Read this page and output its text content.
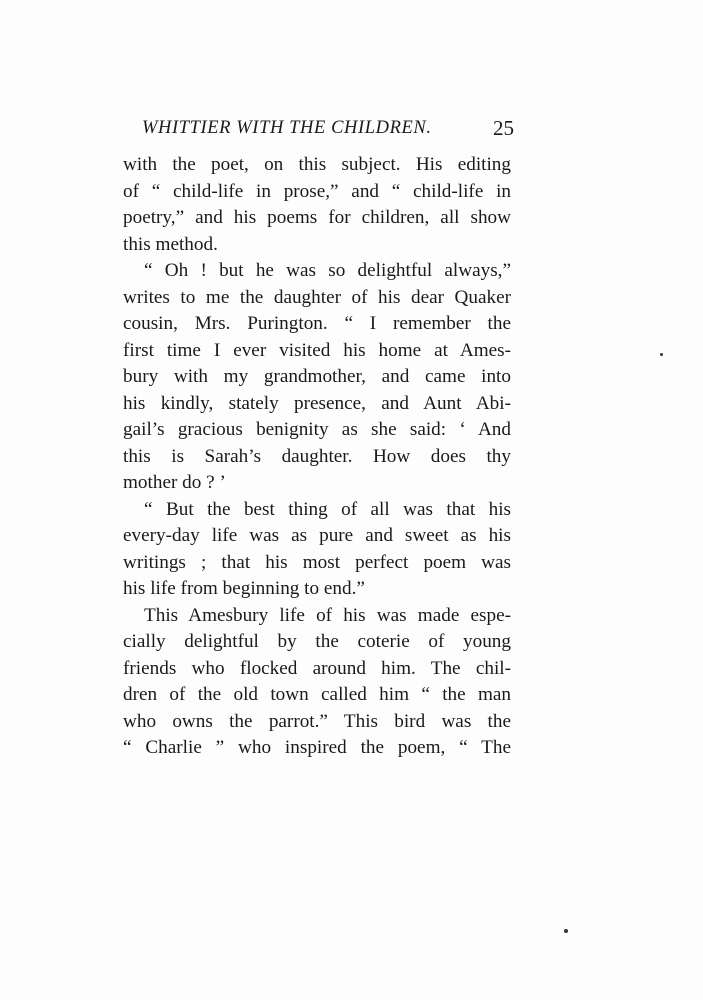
WHITTIER WITH THE CHILDREN.	25
with the poet, on this subject. His editing
of “ child-life in prose,” and “ child-life in
poetry,” and his poems for children, all show
this method.
“ Oh ! but he was so delightful always,”
writes to me the daughter of his dear Quaker
cousin, Mrs. Purington. “ I remember the
first time I ever visited his home at Ames-
bury with my grandmother, and came into
his kindly, stately presence, and Aunt Abi-
gail’s gracious benignity as she said: ‘ And
this is Sarah’s daughter. How does thy
mother do ? ’
“ But the best thing of all was that his
every-day life was as pure and sweet as his
writings ; that his most perfect poem was
his life from beginning to end.”
This Amesbury life of his was made espe-
cially delightful by the coterie of young
friends who flocked around him. The chil-
dren of the old town called him “ the man
who owns the parrot.” This bird was the
“ Charlie ” who inspired the poem, “ The
